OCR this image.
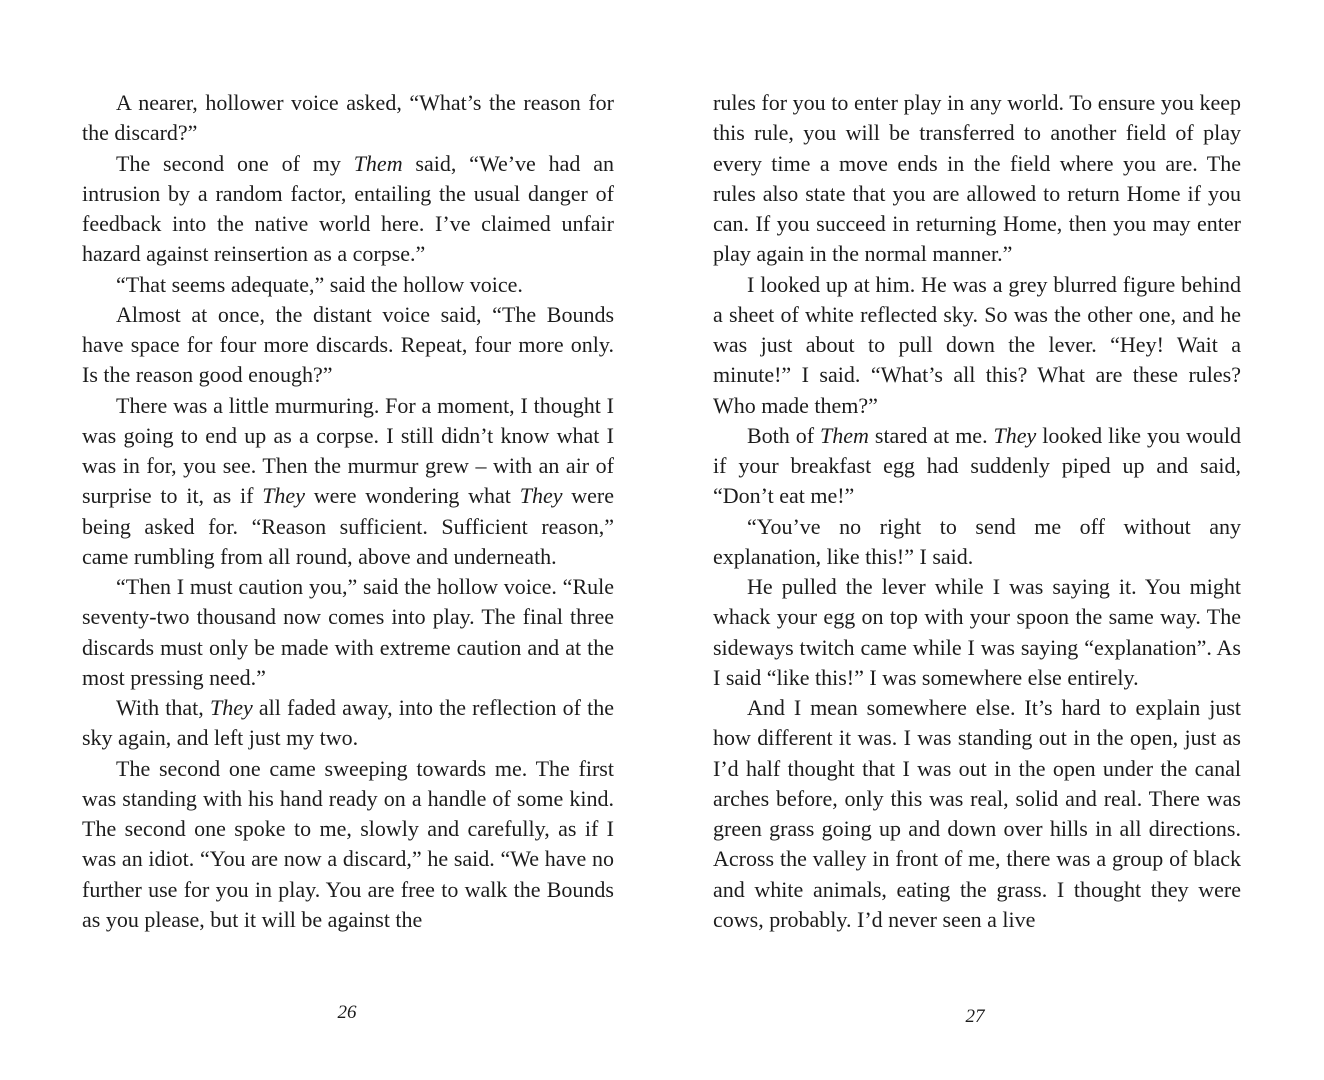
A nearer, hollower voice asked, “What’s the reason for the discard?”

The second one of my Them said, “We’ve had an intrusion by a random factor, entailing the usual danger of feedback into the native world here. I’ve claimed unfair hazard against reinsertion as a corpse.”

“That seems adequate,” said the hollow voice.

Almost at once, the distant voice said, “The Bounds have space for four more discards. Repeat, four more only. Is the reason good enough?”

There was a little murmuring. For a moment, I thought I was going to end up as a corpse. I still didn’t know what I was in for, you see. Then the murmur grew – with an air of surprise to it, as if They were wondering what They were being asked for. “Reason sufficient. Sufficient reason,” came rumbling from all round, above and underneath.

“Then I must caution you,” said the hollow voice. “Rule seventy-two thousand now comes into play. The final three discards must only be made with extreme caution and at the most pressing need.”

With that, They all faded away, into the reflection of the sky again, and left just my two.

The second one came sweeping towards me. The first was standing with his hand ready on a handle of some kind. The second one spoke to me, slowly and carefully, as if I was an idiot. “You are now a discard,” he said. “We have no further use for you in play. You are free to walk the Bounds as you please, but it will be against the

26

rules for you to enter play in any world. To ensure you keep this rule, you will be transferred to another field of play every time a move ends in the field where you are. The rules also state that you are allowed to return Home if you can. If you succeed in returning Home, then you may enter play again in the normal manner.”

I looked up at him. He was a grey blurred figure behind a sheet of white reflected sky. So was the other one, and he was just about to pull down the lever. “Hey! Wait a minute!” I said. “What’s all this? What are these rules? Who made them?”

Both of Them stared at me. They looked like you would if your breakfast egg had suddenly piped up and said, “Don’t eat me!”

“You’ve no right to send me off without any explanation, like this!” I said.

He pulled the lever while I was saying it. You might whack your egg on top with your spoon the same way. The sideways twitch came while I was saying “explanation”. As I said “like this!” I was somewhere else entirely.

And I mean somewhere else. It’s hard to explain just how different it was. I was standing out in the open, just as I’d half thought that I was out in the open under the canal arches before, only this was real, solid and real. There was green grass going up and down over hills in all directions. Across the valley in front of me, there was a group of black and white animals, eating the grass. I thought they were cows, probably. I’d never seen a live

27
